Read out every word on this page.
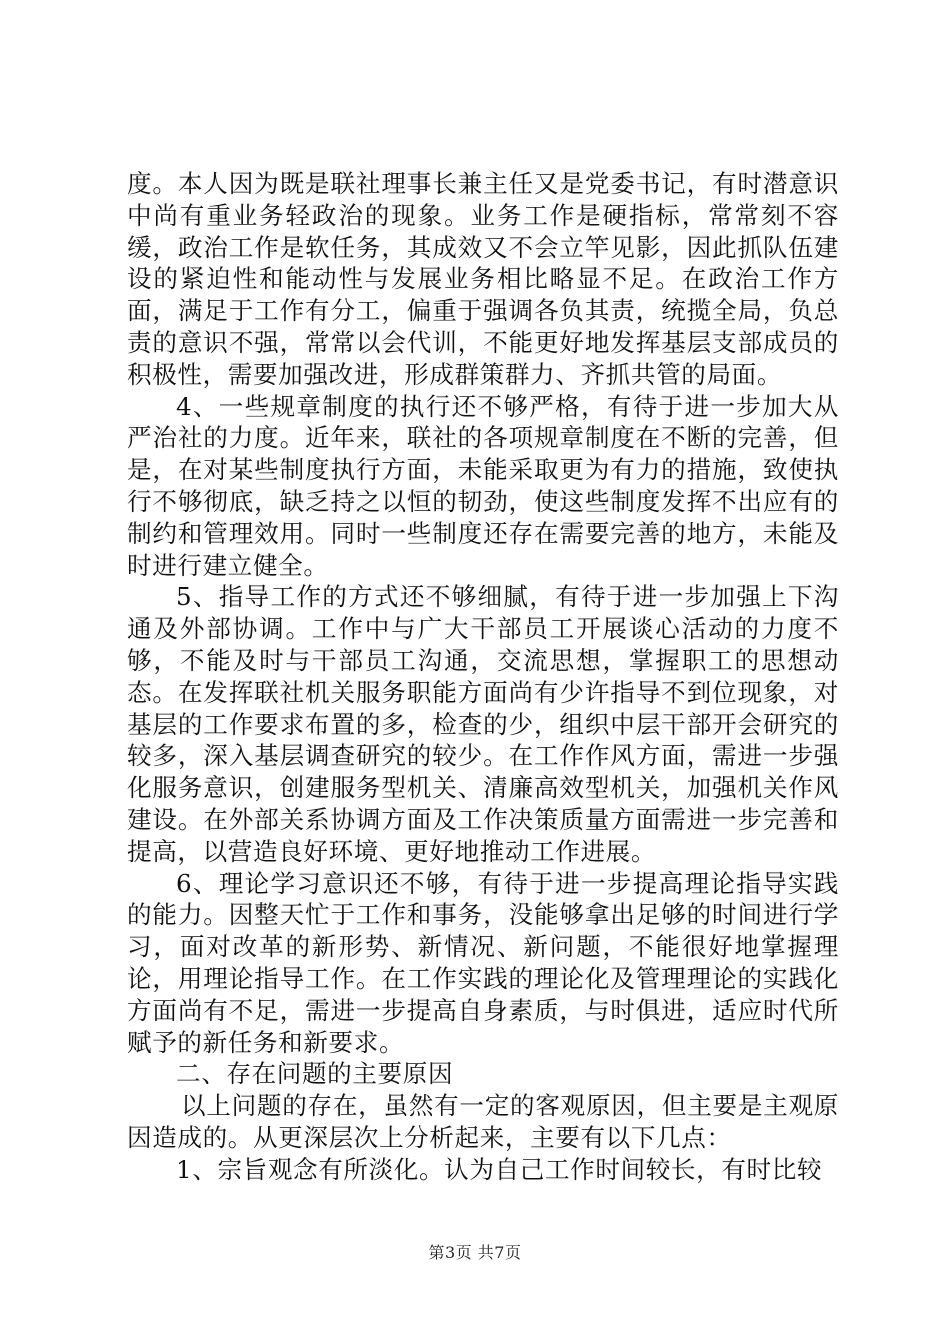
度。本人因为既是联社理事长兼主任又是党委书记，有时潜意识中尚有重业务轻政治的现象。业务工作是硬指标，常常刻不容缓，政治工作是软任务，其成效又不会立竿见影，因此抓队伍建设的紧迫性和能动性与发展业务相比略显不足。在政治工作方面，满足于工作有分工，偏重于强调各负其责，统揽全局，负总责的意识不强，常常以会代训，不能更好地发挥基层支部成员的积极性，需要加强改进，形成群策群力、齐抓共管的局面。

4、一些规章制度的执行还不够严格，有待于进一步加大从严治社的力度。近年来，联社的各项规章制度在不断的完善，但是，在对某些制度执行方面，未能采取更为有力的措施，致使执行不够彻底，缺乏持之以恒的韧劲，使这些制度发挥不出应有的制约和管理效用。同时一些制度还存在需要完善的地方，未能及时进行建立健全。

5、指导工作的方式还不够细腻，有待于进一步加强上下沟通及外部协调。工作中与广大干部员工开展谈心活动的力度不够，不能及时与干部员工沟通，交流思想，掌握职工的思想动态。在发挥联社机关服务职能方面尚有少许指导不到位现象，对基层的工作要求布置的多，检查的少，组织中层干部开会研究的较多，深入基层调查研究的较少。在工作作风方面，需进一步强化服务意识，创建服务型机关、清廉高效型机关，加强机关作风建设。在外部关系协调方面及工作决策质量方面需进一步完善和提高，以营造良好环境、更好地推动工作进展。

6、理论学习意识还不够，有待于进一步提高理论指导实践的能力。因整天忙于工作和事务，没能够拿出足够的时间进行学习，面对改革的新形势、新情况、新问题，不能很好地掌握理论，用理论指导工作。在工作实践的理论化及管理理论的实践化方面尚有不足，需进一步提高自身素质，与时俱进，适应时代所赋予的新任务和新要求。

二、存在问题的主要原因

以上问题的存在，虽然有一定的客观原因，但主要是主观原因造成的。从更深层次上分析起来，主要有以下几点：

1、宗旨观念有所淡化。认为自己工作时间较长，有时比较

第3页 共7页
